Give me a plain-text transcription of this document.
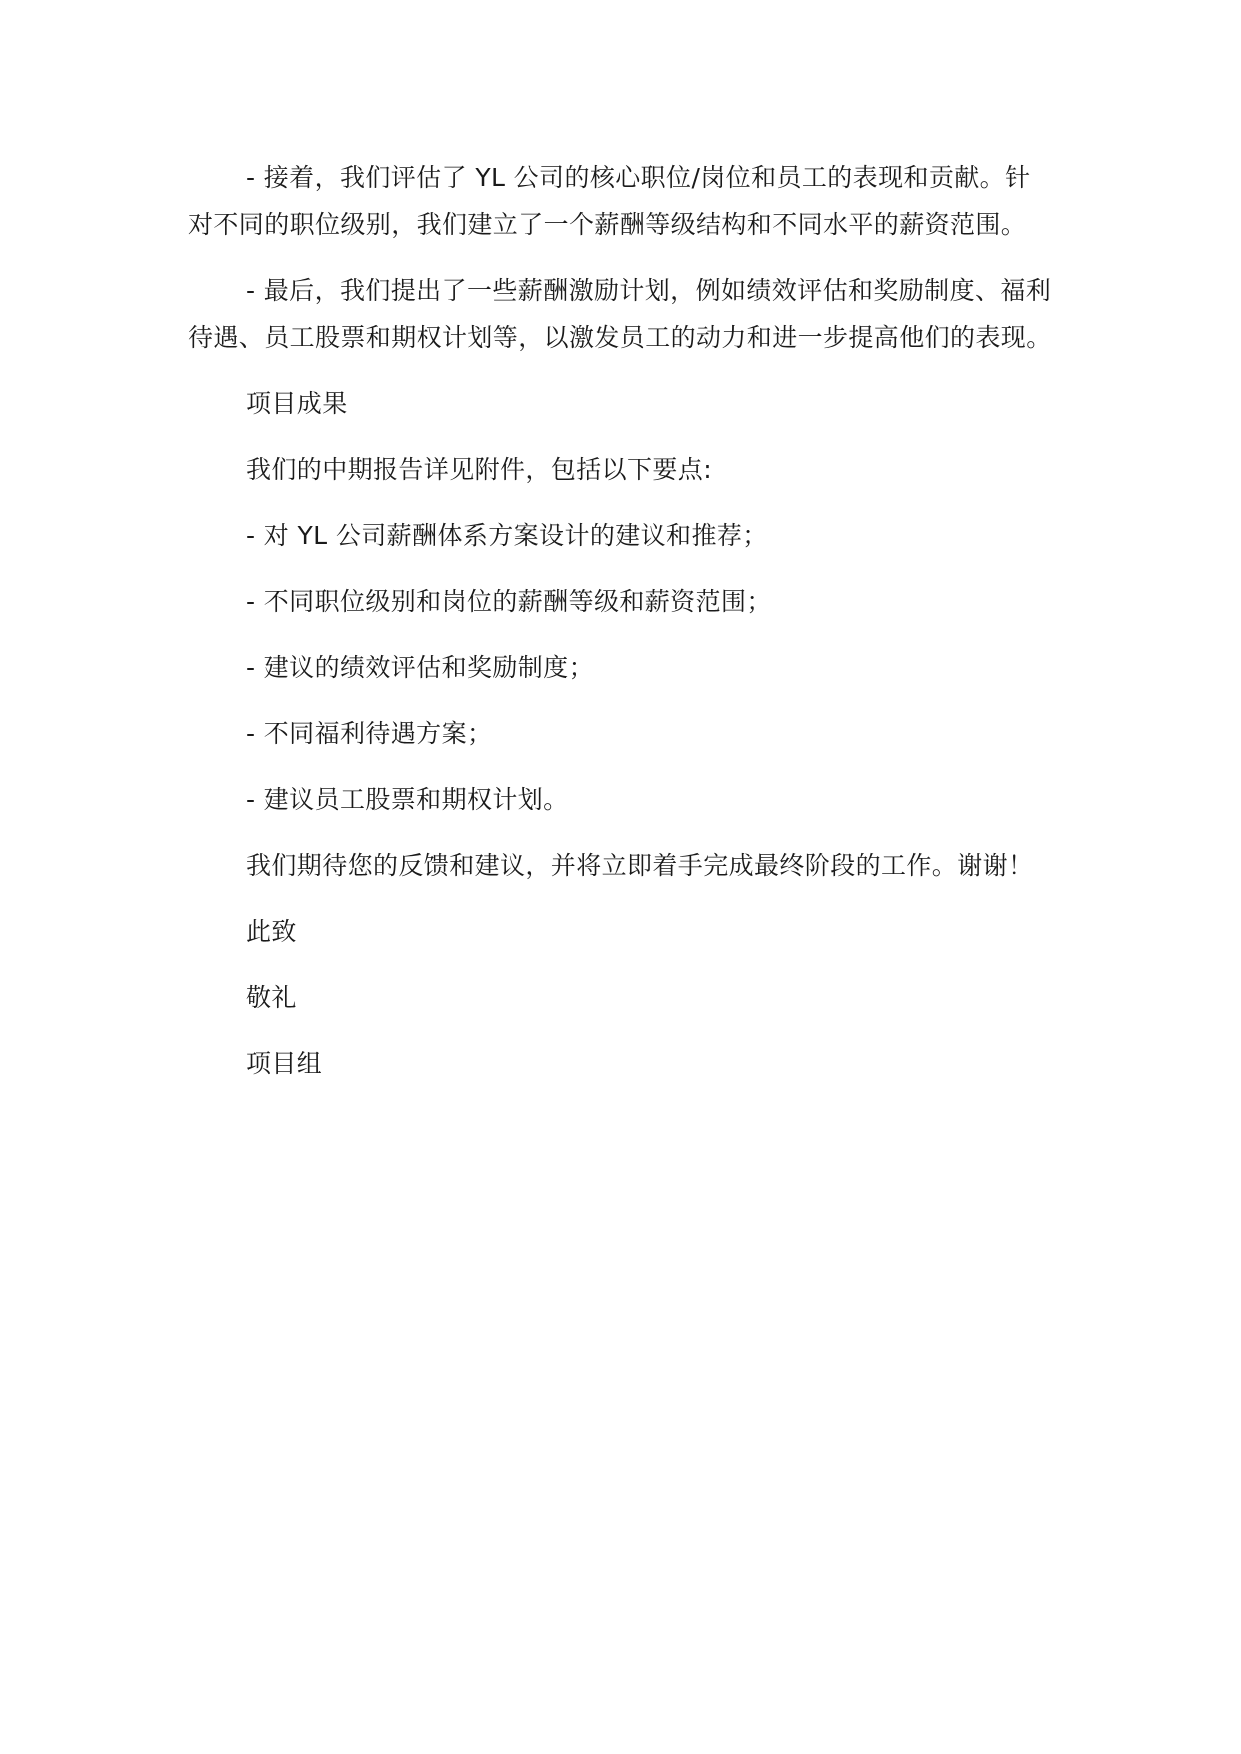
- 接着，我们评估了 YL 公司的核心职位/岗位和员工的表现和贡献。针对不同的职位级别，我们建立了一个薪酬等级结构和不同水平的薪资范围。

- 最后，我们提出了一些薪酬激励计划，例如绩效评估和奖励制度、福利待遇、员工股票和期权计划等，以激发员工的动力和进一步提高他们的表现。

项目成果

我们的中期报告详见附件，包括以下要点:

- 对 YL 公司薪酬体系方案设计的建议和推荐；

- 不同职位级别和岗位的薪酬等级和薪资范围；

- 建议的绩效评估和奖励制度；

- 不同福利待遇方案；

- 建议员工股票和期权计划。

我们期待您的反馈和建议，并将立即着手完成最终阶段的工作。谢谢！

此致

敬礼

项目组
